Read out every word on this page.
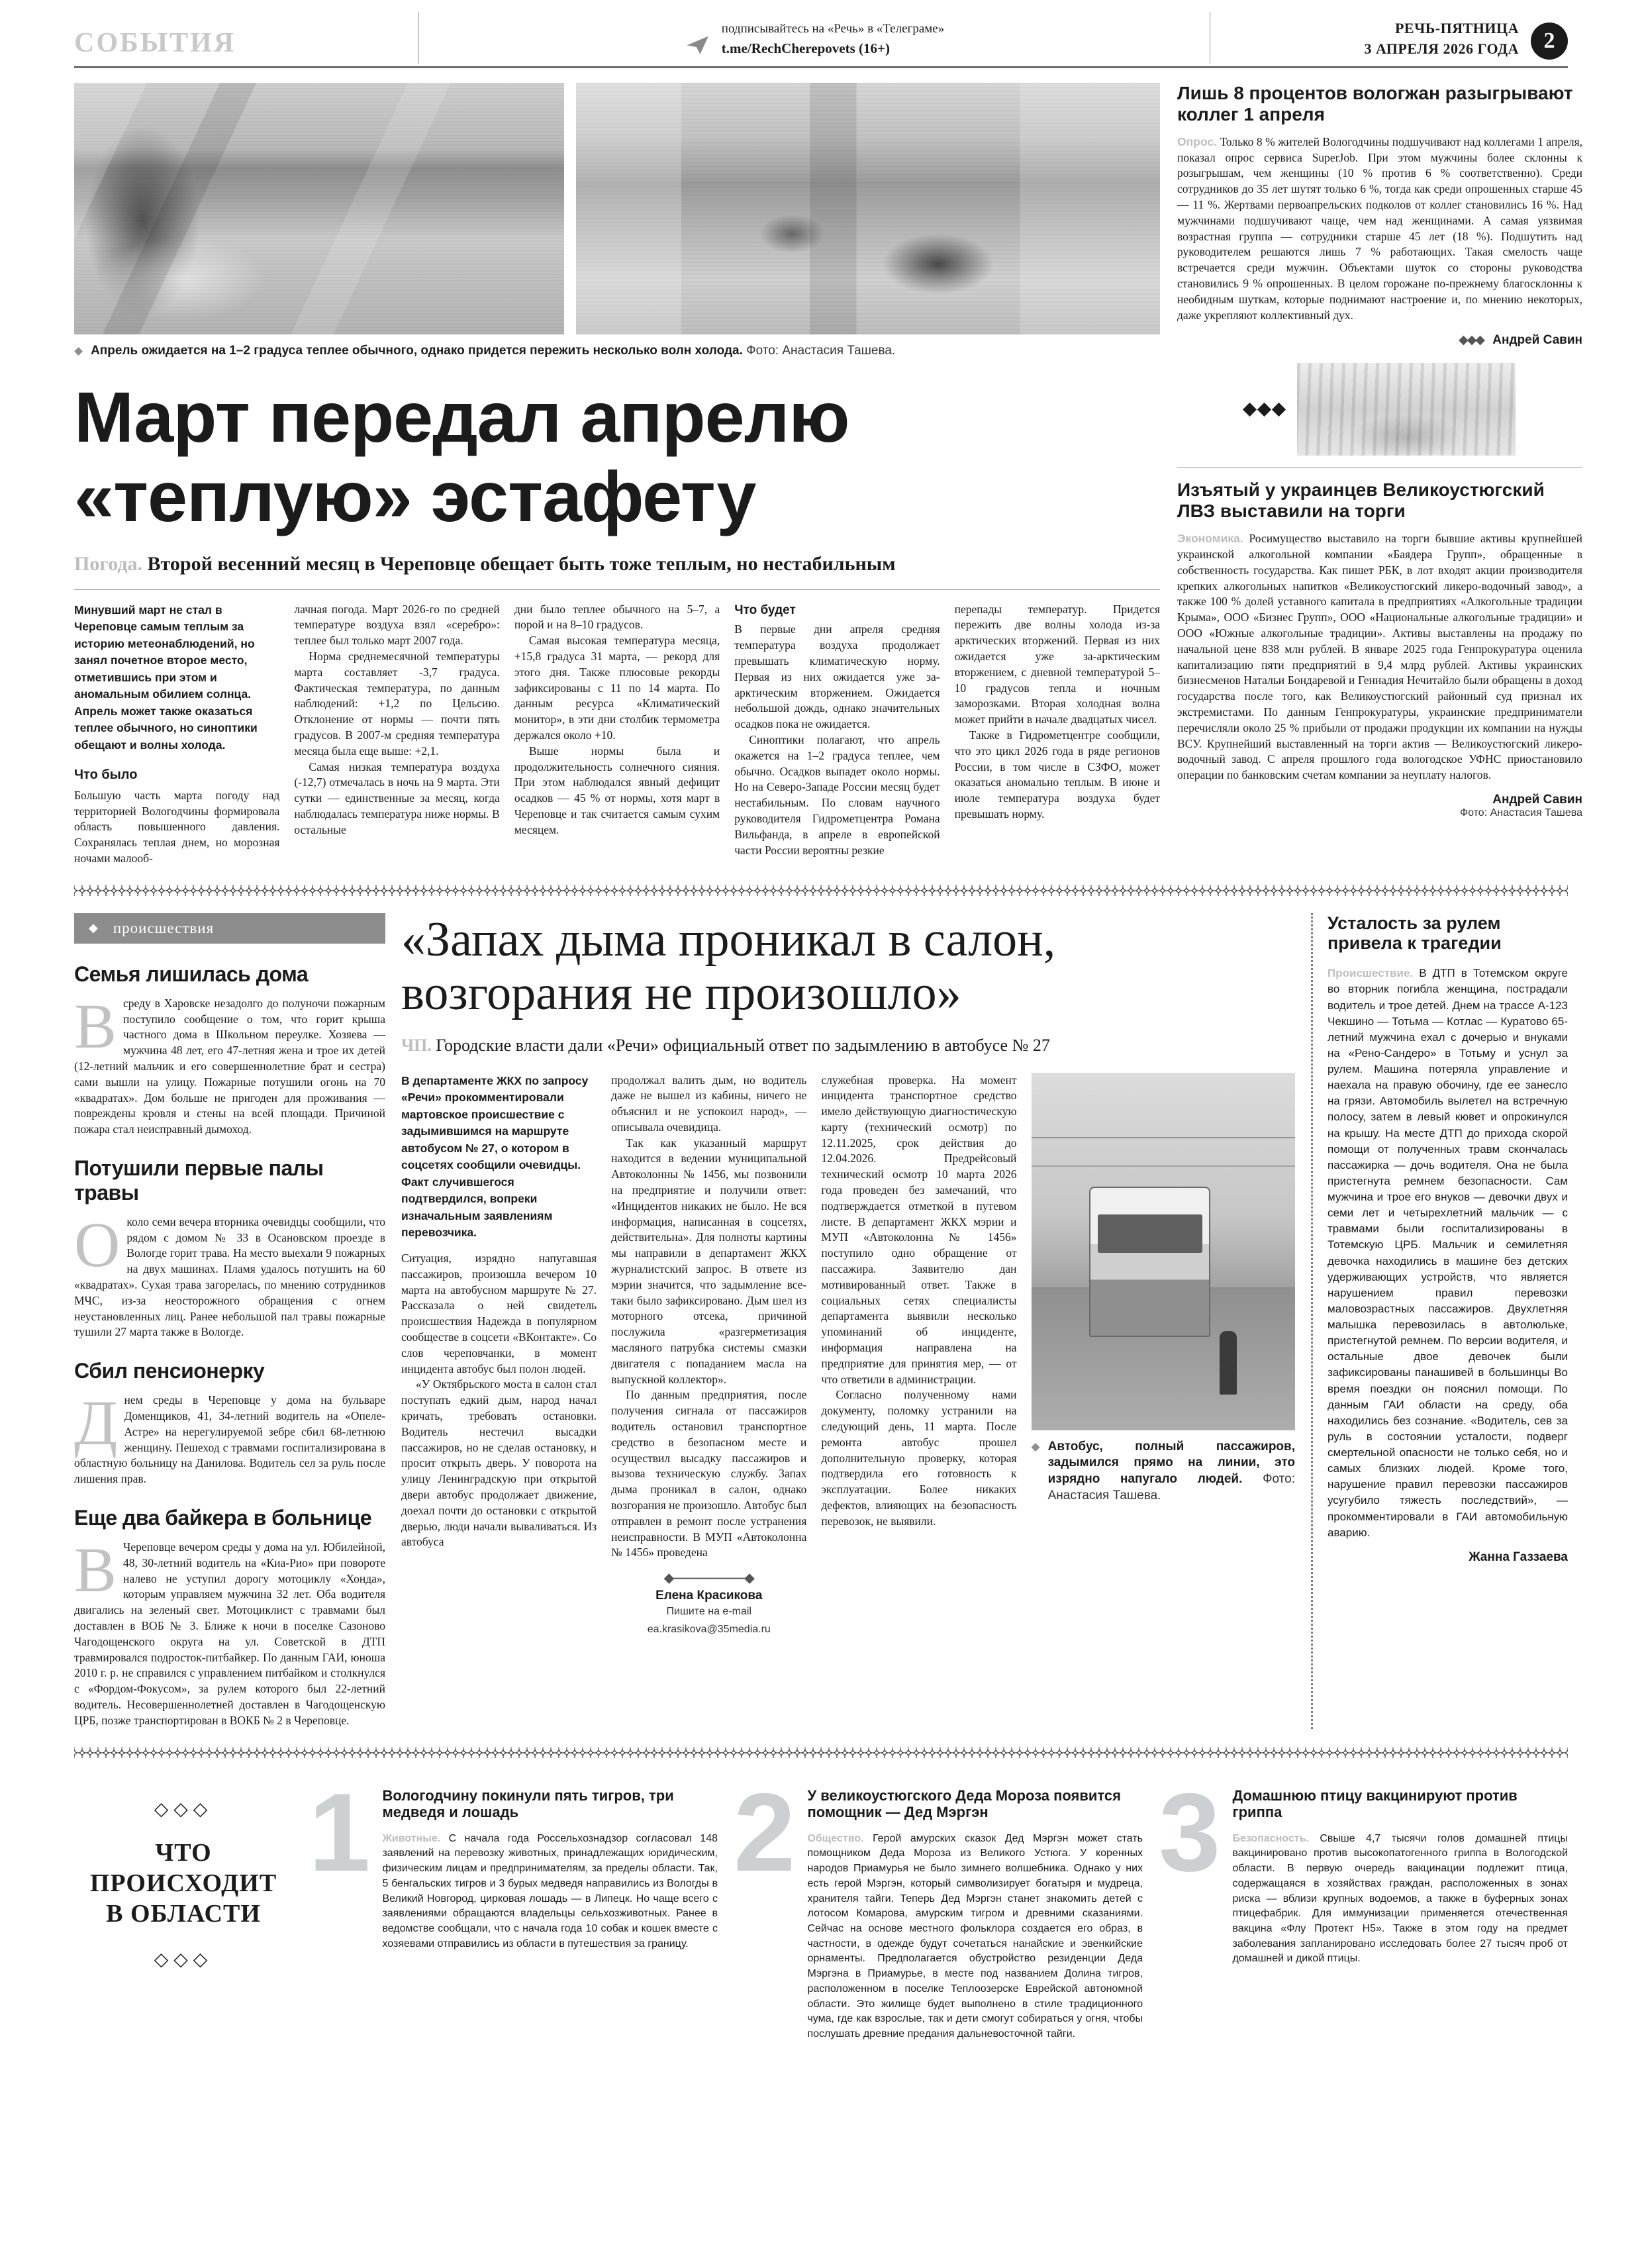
СОБЫТИЯ	подписывайтесь на «Речь» в «Телеграме»
t.me/RechCherepovets (16+)
РЕЧЬ-ПЯТНИЦА
3 АПРЕЛЯ 2026 ГОДА	2
◆ Апрель ожидается на 1–2 градуса теплее обычного, однако придется пережить несколько волн холода. Фото: Анастасия Ташева.
Март передал апрелю
«теплую» эстафету
Погода. Второй весенний месяц в Череповце обещает быть тоже теплым, но нестабильным

Минувший март не стал в Череповце самым теплым за историю метеонаблюдений, но занял почетное второе место, отметившись при этом и аномальным обилием солнца. Апрель может также оказаться теплее обычного, но синоптики обещают и волны холода.

Что было

Большую часть марта погоду над территорией Вологодчины формировала область повышенного давления. Сохранялась теплая днем, но морозная ночами малооб-

лачная погода. Март 2026-го по средней температуре воздуха взял «серебро»: теплее был только март 2007 года.

Норма среднемесячной температуры марта составляет -3,7 градуса. Фактическая температура, по данным наблюдений: +1,2 по Цельсию. Отклонение от нормы — почти пять градусов. В 2007-м средняя температура месяца была еще выше: +2,1.

Самая низкая температура воздуха (-12,7) отмечалась в ночь на 9 марта. Эти сутки — единственные за месяц, когда наблюдалась температура ниже нормы. В остальные

дни было теплее обычного на 5–7, а порой и на 8–10 градусов.

Самая высокая температура месяца, +15,8 градуса 31 марта, — рекорд для этого дня. Также плюсовые рекорды зафиксированы с 11 по 14 марта. По данным ресурса «Климатический монитор», в эти дни столбик термометра держался около +10.

Выше нормы была и продолжительность солнечного сияния. При этом наблюдался явный дефицит осадков — 45 % от нормы, хотя март в Череповце и так считается самым сухим месяцем.

Что будет

В первые дни апреля средняя температура воздуха продолжает превышать климатическую норму. Первая из них ожидается уже за-арктическим вторжением. Ожидается небольшой дождь, однако значительных осадков пока не ожидается.

Синоптики полагают, что апрель окажется на 1–2 градуса теплее, чем обычно. Осадков выпадет около нормы. Но на Северо-Западе России месяц будет нестабильным. По словам научного руководителя Гидрометцентра Романа Вильфанда, в апреле в европейской части России вероятны резкие

перепады температур. Придется пережить две волны холода из-за арктических вторжений. Первая из них ожидается уже за-арктическим вторжением, с дневной температурой 5–10 градусов тепла и ночным заморозками. Вторая холодная волна может прийти в начале двадцатых чисел.

Также в Гидрометцентре сообщили, что это цикл 2026 года в ряде регионов России, в том числе в СЗФО, может оказаться аномально теплым. В июне и июле температура воздуха будет превышать норму.

Лишь 8 процентов вологжан разыгрывают коллег 1 апреля
Опрос. Только 8 % жителей Вологодчины подшучивают над коллегами 1 апреля, показал опрос сервиса SuperJob. При этом мужчины более склонны к розыгрышам, чем женщины (10 % против 6 % соответственно). Среди сотрудников до 35 лет шутят только 6 %, тогда как среди опрошенных старше 45 — 11 %. Жертвами первоапрельских подколов от коллег становились 16 %. Над мужчинами подшучивают чаще, чем над женщинами. А самая уязвимая возрастная группа — сотрудники старше 45 лет (18 %). Подшутить над руководителем решаются лишь 7 % работающих. Такая смелость чаще встречается среди мужчин. Объектами шуток со стороны руководства становились 9 % опрошенных. В целом горожане по-прежнему благосклонны к необидным шуткам, которые поднимают настроение и, по мнению некоторых, даже укрепляют коллективный дух.
◆◆◆ Андрей Савин
Изъятый у украинцев Великоустюгский ЛВЗ выставили на торги
Экономика. Росимущество выставило на торги бывшие активы крупнейшей украинской алкогольной компании «Баядера Групп», обращенные в собственность государства. Как пишет РБК, в лот входят акции производителя крепких алкогольных напитков «Великоустюгский ликеро-водочный завод», а также 100 % долей уставного капитала в предприятиях «Алкогольные традиции Крыма», ООО «Бизнес Групп», ООО «Национальные алкогольные традиции» и ООО «Южные алкогольные традиции». Активы выставлены на продажу по начальной цене 838 млн рублей. В январе 2025 года Генпрокуратура оценила капитализацию пяти предприятий в 9,4 млрд рублей. Активы украинских бизнесменов Натальи Бондаревой и Геннадия Нечитайло были обращены в доход государства после того, как Великоустюгский районный суд признал их экстремистами. По данным Генпрокуратуры, украинские предприниматели перечисляли около 25 % прибыли от продажи продукции их компании на нужды ВСУ. Крупнейший выставленный на торги актив — Великоустюгский ликеро-водочный завод. С апреля прошлого года вологодское УФНС приостановило операции по банковским счетам компании за неуплату налогов.
Андрей Савин
Фото: Анастасия Ташева
◆ происшествия
Семья лишилась дома
Всреду в Харовске незадолго до полуночи пожарным поступило сообщение о том, что горит крыша частного дома в Школьном переулке. Хозяева — мужчина 48 лет, его 47-летняя жена и трое их детей (12-летний мальчик и его совершеннолетние брат и сестра) сами вышли на улицу. Пожарные потушили огонь на 70 «квадратах». Дом больше не пригоден для проживания — повреждены кровля и стены на всей площади. Причиной пожара стал неисправный дымоход.
Потушили первые палы травы
Около семи вечера вторника очевидцы сообщили, что рядом с домом № 33 в Осановском проезде в Вологде горит трава. На место выехали 9 пожарных на двух машинах. Пламя удалось потушить на 60 «квадратах». Сухая трава загорелась, по мнению сотрудников МЧС, из-за неосторожного обращения с огнем неустановленных лиц. Ранее небольшой пал травы пожарные тушили 27 марта также в Вологде.
Сбил пенсионерку
Днем среды в Череповце у дома на бульваре Доменщиков, 41, 34-летний водитель на «Опеле-Астре» на нерегулируемой зебре сбил 68-летнюю женщину. Пешеход с травмами госпитализирована в областную больницу на Данилова. Водитель сел за руль после лишения прав.
Еще два байкера в больнице
В Череповце вечером среды у дома на ул. Юбилейной, 48, 30-летний водитель на «Киа-Рио» при повороте налево не уступил дорогу мотоциклу «Хонда», которым управляем мужчина 32 лет. Оба водителя двигались на зеленый свет. Мотоциклист с травмами был доставлен в ВОБ № 3. Ближе к ночи в поселке Сазоново Чагодощенского округа на ул. Советской в ДТП травмировался подросток-питбайкер. По данным ГАИ, юноша 2010 г. р. не справился с управлением питбайком и столкнулся с «Фордом-Фокусом», за рулем которого был 22-летний водитель. Несовершеннолетней доставлен в Чагодощенскую ЦРБ, позже транспортирован в ВОКБ № 2 в Череповце.
«Запах дыма проникал в салон,
возгорания не произошло»
ЧП. Городские власти дали «Речи» официальный ответ по задымлению в автобусе № 27

В департаменте ЖКХ по запросу «Речи» прокомментировали мартовское происшествие с задымившимся на маршруте автобусом № 27, о котором в соцсетях сообщили очевидцы. Факт случившегося подтвердился, вопреки изначальным заявлениям перевозчика.

Ситуация, изрядно напугавшая пассажиров, произошла вечером 10 марта на автобусном маршруте № 27. Рассказала о ней свидетель происшествия Надежда в популярном сообществе в соцсети «ВКонтакте». Со слов череповчанки, в момент инцидента автобус был полон людей.

«У Октябрьского моста в салон стал поступать едкий дым, народ начал кричать, требовать остановки. Водитель нестечил высадки пассажиров, но не сделав остановку, и просит открыть дверь. У поворота на улицу Ленинградскую при открытой двери автобус продолжает движение, доехал почти до остановки с открытой дверью, люди начали вываливаться. Из автобуса

продолжал валить дым, но водитель даже не вышел из кабины, ничего не объяснил и не успокоил народ», — описывала очевидица.

Так как указанный маршрут находится в ведении муниципальной Автоколонны № 1456, мы позвонили на предприятие и получили ответ: «Инцидентов никаких не было. Не вся информация, написанная в соцсетях, действительна». Для полноты картины мы направили в департамент ЖКХ журналистский запрос. В ответе из мэрии значится, что задымление все-таки было зафиксировано. Дым шел из моторного отсека, причиной послужила «разгерметизация масляного патрубка системы смазки двигателя с попаданием масла на выпускной коллектор».

По данным предприятия, после получения сигнала от пассажиров водитель остановил транспортное средство в безопасном месте и осуществил высадку пассажиров и вызова техническую службу. Запах дыма проникал в салон, однако возгорания не произошло. Автобус был отправлен в ремонт после устранения неисправности. В МУП «Автоколонна № 1456» проведена

◆——————◆
Елена Красикова
Пишите на e-mail
ea.krasikova@35media.ru

служебная проверка. На момент инцидента транспортное средство имело действующую диагностическую карту (технический осмотр) по 12.11.2025, срок действия до 12.04.2026. Предрейсовый технический осмотр 10 марта 2026 года проведен без замечаний, что подтверждается отметкой в путевом листе. В департамент ЖКХ мэрии и МУП «Автоколонна № 1456» поступило одно обращение от пассажира. Заявителю дан мотивированный ответ. Также в социальных сетях специалисты департамента выявили несколько упоминаний об инциденте, информация направлена на предприятие для принятия мер, — от что ответили в администрации.

Согласно полученному нами документу, поломку устранили на следующий день, 11 марта. После ремонта автобус прошел дополнительную проверку, которая подтвердила его готовность к эксплуатации. Более никаких дефектов, влияющих на безопасность перевозок, не выявили.

◆ Автобус, полный пассажиров, задымился прямо на линии, это изрядно напугало людей. Фото: Анастасия Ташева.
Усталость за рулем привела к трагедии
Происшествие. В ДТП в Тотемском округе во вторник погибла женщина, пострадали водитель и трое детей. Днем на трассе А-123 Чекшино — Тотьма — Котлас — Куратово 65-летний мужчина ехал с дочерью и внуками на «Рено-Сандеро» в Тотьму и уснул за рулем. Машина потеряла управление и наехала на правую обочину, где ее занесло на грязи. Автомобиль вылетел на встречную полосу, затем в левый кювет и опрокинулся на крышу. На месте ДТП до прихода скорой помощи от полученных травм скончалась пассажирка — дочь водителя. Она не была пристегнута ремнем безопасности. Сам мужчина и трое его внуков — девочки двух и семи лет и четырехлетний мальчик — с травмами были госпитализированы в Тотемскую ЦРБ. Мальчик и семилетняя девочка находились в машине без детских удерживающих устройств, что является нарушением правил перевозки маловозрастных пассажиров. Двухлетняя малышка перевозилась в автолюльке, пристегнутой ремнем. По версии водителя, и остальные двое девочек были зафиксированы панашивей в большинцы Во время поездки он пояснил помощи. По данным ГАИ области на среду, оба находились без сознание. «Водитель, сев за руль в состоянии усталости, подверг смертельной опасности не только себя, но и самых близких людей. Кроме того, нарушение правил перевозки пассажиров усугубило тяжесть последствий», — прокомментировали в ГАИ автомобильную аварию.
Жанна Газзаева
◇◇◇
ЧТО
ПРОИСХОДИТ
В ОБЛАСТИ
◇◇◇
1 Вологодчину покинули пять тигров, три медведя и лошадь
Животные. С начала года Россельхознадзор согласовал 148 заявлений на перевозку животных, принадлежащих юридическим, физическим лицам и предпринимателям, за пределы области. Так, 5 бенгальских тигров и 3 бурых медведя направились из Вологды в Великий Новгород, цирковая лошадь — в Липецк. Но чаще всего с заявлениями обращаются владельцы сельхозживотных. Ранее в ведомстве сообщали, что с начала года 10 собак и кошек вместе с хозяевами отправились из области в путешествия за границу.
2 У великоустюгского Деда Мороза появится помощник — Дед Мэргэн
Общество. Герой амурских сказок Дед Мэргэн может стать помощником Деда Мороза из Великого Устюга. У коренных народов Приамурья не было зимнего волшебника. Однако у них есть герой Мэргэн, который символизирует богатыря и мудреца, хранителя тайги. Теперь Дед Мэргэн станет знакомить детей с лотосом Комарова, амурским тигром и древними сказаниями. Сейчас на основе местного фольклора создается его образ, в частности, в одежде будут сочетаться нанайские и эвенкийские орнаменты. Предполагается обустройство резиденции Деда Мэргэна в Приамурье, в месте под названием Долина тигров, расположенном в поселке Теплоозерске Еврейской автономной области. Это жилище будет выполнено в стиле традиционного чума, где как взрослые, так и дети смогут собираться у огня, чтобы послушать древние предания дальневосточной тайги.
3 Домашнюю птицу вакцинируют против гриппа
Безопасность. Свыше 4,7 тысячи голов домашней птицы вакцинировано против высокопатогенного гриппа в Вологодской области. В первую очередь вакцинации подлежит птица, содержащаяся в хозяйствах граждан, расположенных в зонах риска — вблизи крупных водоемов, а также в буферных зонах птицефабрик. Для иммунизации применяется отечественная вакцина «Флу Протект Н5». Также в этом году на предмет заболевания запланировано исследовать более 27 тысяч проб от домашней и дикой птицы.
